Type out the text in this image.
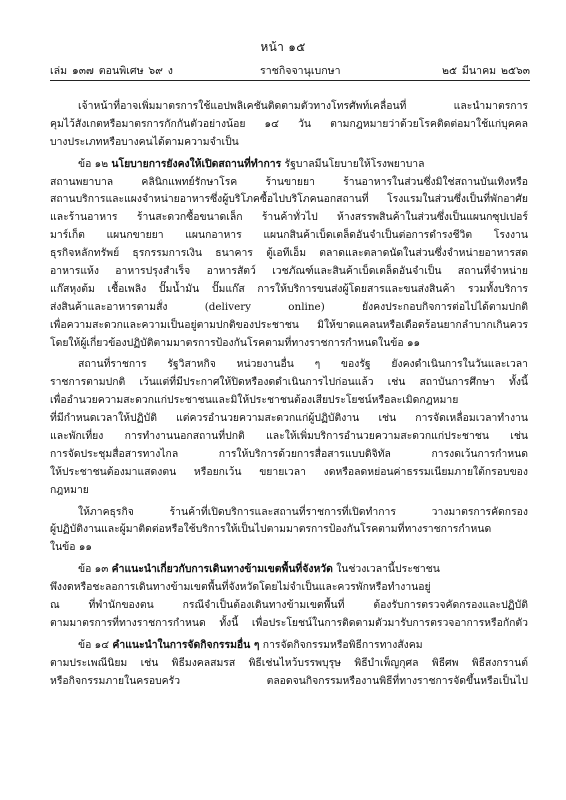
หน้า ๑๕
เล่ม ๑๓๗ ตอนพิเศษ ๖๙ ง	ราชกิจจานุเบกษา	๒๕ มีนาคม ๒๕๖๓
เจ้าหน้าที่อาจเพิ่มมาตรการใช้แอปพลิเคชันติดตามตัวทางโทรศัพท์เคลื่อนที่ และนำมาตรการ
คุมไว้สังเกตหรือมาตรการกักกันตัวอย่างน้อย ๑๔ วัน ตามกฎหมายว่าด้วยโรคติดต่อมาใช้แก่บุคคล
บางประเภทหรือบางคนได้ตามความจำเป็น
ข้อ ๑๒ นโยบายการยังคงให้เปิดสถานที่ทำการ รัฐบาลมีนโยบายให้โรงพยาบาล
สถานพยาบาล คลินิกแพทย์รักษาโรค ร้านขายยา ร้านอาหารในส่วนซึ่งมิใช่สถานบันเทิงหรือ
สถานบริการและแผงจำหน่ายอาหารซึ่งผู้บริโภคซื้อไปบริโภคนอกสถานที่ โรงแรมในส่วนซึ่งเป็นที่พักอาศัย
และร้านอาหาร ร้านสะดวกซื้อขนาดเล็ก ร้านค้าทั่วไป ห้างสรรพสินค้าในส่วนซึ่งเป็นแผนกซุปเปอร์
มาร์เก็ต แผนกขายยา แผนกอาหาร แผนกสินค้าเบ็ดเตล็ดอันจำเป็นต่อการดำรงชีวิต โรงงาน
ธุรกิจหลักทรัพย์ ธุรกรรมการเงิน ธนาคาร ตู้เอทีเอ็ม ตลาดและตลาดนัดในส่วนซึ่งจำหน่ายอาหารสด
อาหารแห้ง อาหารปรุงสำเร็จ อาหารสัตว์ เวชภัณฑ์และสินค้าเบ็ดเตล็ดอันจำเป็น สถานที่จำหน่าย
แก๊สหุงต้ม เชื้อเพลิง ปั๊มน้ำมัน ปั๊มแก๊ส การให้บริการขนส่งผู้โดยสารและขนส่งสินค้า รวมทั้งบริการ
ส่งสินค้าและอาหารตามสั่ง (delivery online) ยังคงประกอบกิจการต่อไปได้ตามปกติ
เพื่อความสะดวกและความเป็นอยู่ตามปกติของประชาชน มิให้ขาดแคลนหรือเดือดร้อนยากลำบากเกินควร
โดยให้ผู้เกี่ยวข้องปฏิบัติตามมาตรการป้องกันโรคตามที่ทางราชการกำหนดในข้อ ๑๑
สถานที่ราชการ รัฐวิสาหกิจ หน่วยงานอื่น ๆ ของรัฐ ยังคงดำเนินการในวันและเวลา
ราชการตามปกติ เว้นแต่ที่มีประกาศให้ปิดหรืองดดำเนินการไปก่อนแล้ว เช่น สถาบันการศึกษา ทั้งนี้
เพื่ออำนวยความสะดวกแก่ประชาชนและมิให้ประชาชนต้องเสียประโยชน์หรือละเมิดกฎหมาย
ที่มีกำหนดเวลาให้ปฏิบัติ แต่ควรอำนวยความสะดวกแก่ผู้ปฏิบัติงาน เช่น การจัดเหลื่อมเวลาทำงาน
และพักเที่ยง การทำงานนอกสถานที่ปกติ และให้เพิ่มบริการอำนวยความสะดวกแก่ประชาชน เช่น
การจัดประชุมสื่อสารทางไกล การให้บริการด้วยการสื่อสารแบบดิจิทัล การงดเว้นการกำหนด
ให้ประชาชนต้องมาแสดงตน หรือยกเว้น ขยายเวลา งดหรือลดหย่อนค่าธรรมเนียมภายใต้กรอบของ
กฎหมาย
ให้ภาคธุรกิจ ร้านค้าที่เปิดบริการและสถานที่ราชการที่เปิดทำการ วางมาตรการคัดกรอง
ผู้ปฏิบัติงานและผู้มาติดต่อหรือใช้บริการให้เป็นไปตามมาตรการป้องกันโรคตามที่ทางราชการกำหนด
ในข้อ ๑๑
ข้อ ๑๓ คำแนะนำเกี่ยวกับการเดินทางข้ามเขตพื้นที่จังหวัด ในช่วงเวลานี้ประชาชน
พึงงดหรือชะลอการเดินทางข้ามเขตพื้นที่จังหวัดโดยไม่จำเป็นและควรพักหรือทำงานอยู่
ณ ที่พำนักของตน กรณีจำเป็นต้องเดินทางข้ามเขตพื้นที่ ต้องรับการตรวจคัดกรองและปฏิบัติ
ตามมาตรการที่ทางราชการกำหนด ทั้งนี้ เพื่อประโยชน์ในการติดตามตัวมารับการตรวจอาการหรือกักตัว
ข้อ ๑๔ คำแนะนำในการจัดกิจกรรมอื่น ๆ การจัดกิจกรรมหรือพิธีการทางสังคม
ตามประเพณีนิยม เช่น พิธีมงคลสมรส พิธีเช่นไหว้บรรพบุรุษ พิธีบำเพ็ญกุศล พิธีศพ พิธีสงกรานต์
หรือกิจกรรมภายในครอบครัว ตลอดจนกิจกรรมหรืองานพิธีที่ทางราชการจัดขึ้นหรือเป็นไป
